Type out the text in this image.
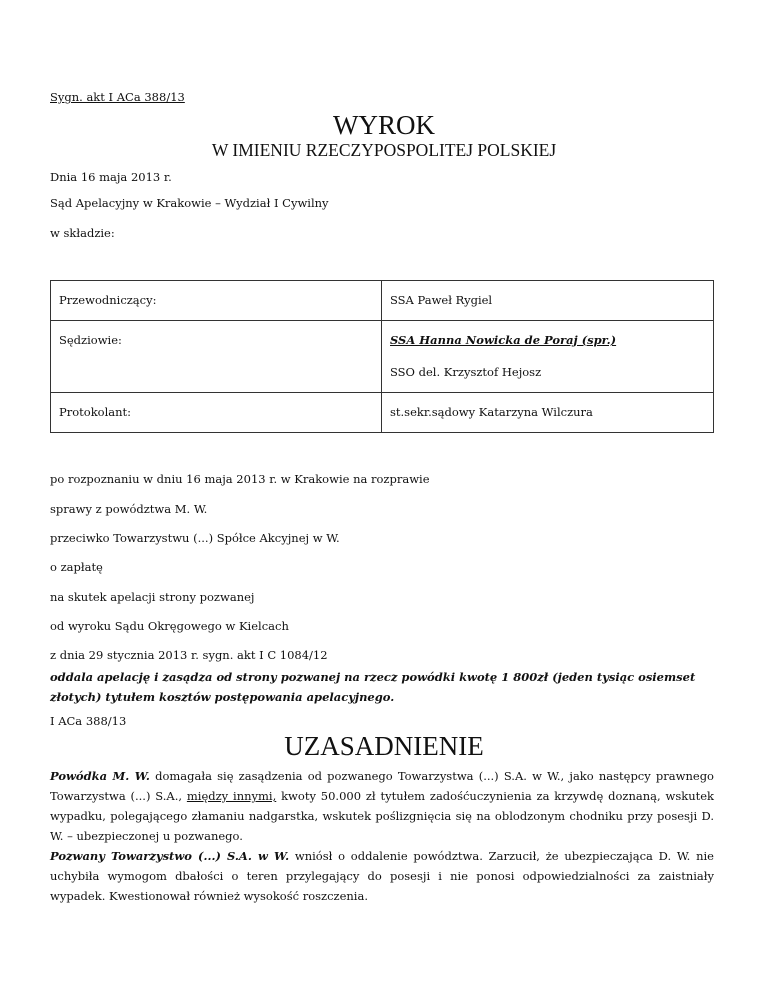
Sygn. akt I ACa 388/13
WYROK
W IMIENIU RZECZYPOSPOLITEJ POLSKIEJ
Dnia 16 maja 2013 r.
Sąd Apelacyjny w Krakowie – Wydział I Cywilny
w składzie:
Przewodniczący:	SSA Paweł Rygiel
Sędziowie:	SSA Hanna Nowicka de Poraj (spr.)
SSO del. Krzysztof Hejosz

Protokolant:	st.sekr.sądowy Katarzyna Wilczura
po rozpoznaniu w dniu 16 maja 2013 r. w Krakowie na rozprawie
sprawy z powództwa M. W.
przeciwko Towarzystwu (...) Spółce Akcyjnej w W.
o zapłatę
na skutek apelacji strony pozwanej
od wyroku Sądu Okręgowego w Kielcach
z dnia 29 stycznia 2013 r. sygn. akt I C 1084/12
oddala apelację i zasądza od strony pozwanej na rzecz powódki kwotę 1 800zł (jeden tysiąc osiemset złotych) tytułem kosztów postępowania apelacyjnego.
I ACa 388/13
UZASADNIENIE
Powódka M. W. domagała się zasądzenia od pozwanego Towarzystwa (...) S.A. w W., jako następcy prawnego Towarzystwa (...) S.A., między innymi, kwoty 50.000 zł tytułem zadośćuczynienia za krzywdę doznaną, wskutek wypadku, polegającego złamaniu nadgarstka, wskutek poślizgnięcia się na oblodzonym chodniku przy posesji D. W. – ubezpieczonej u pozwanego.
Pozwany Towarzystwo (...) S.A. w W. wniósł o oddalenie powództwa. Zarzucił, że ubezpieczająca D. W. nie uchybiła wymogom dbałości o teren przylegający do posesji i nie ponosi odpowiedzialności za zaistniały wypadek. Kwestionował również wysokość roszczenia.
